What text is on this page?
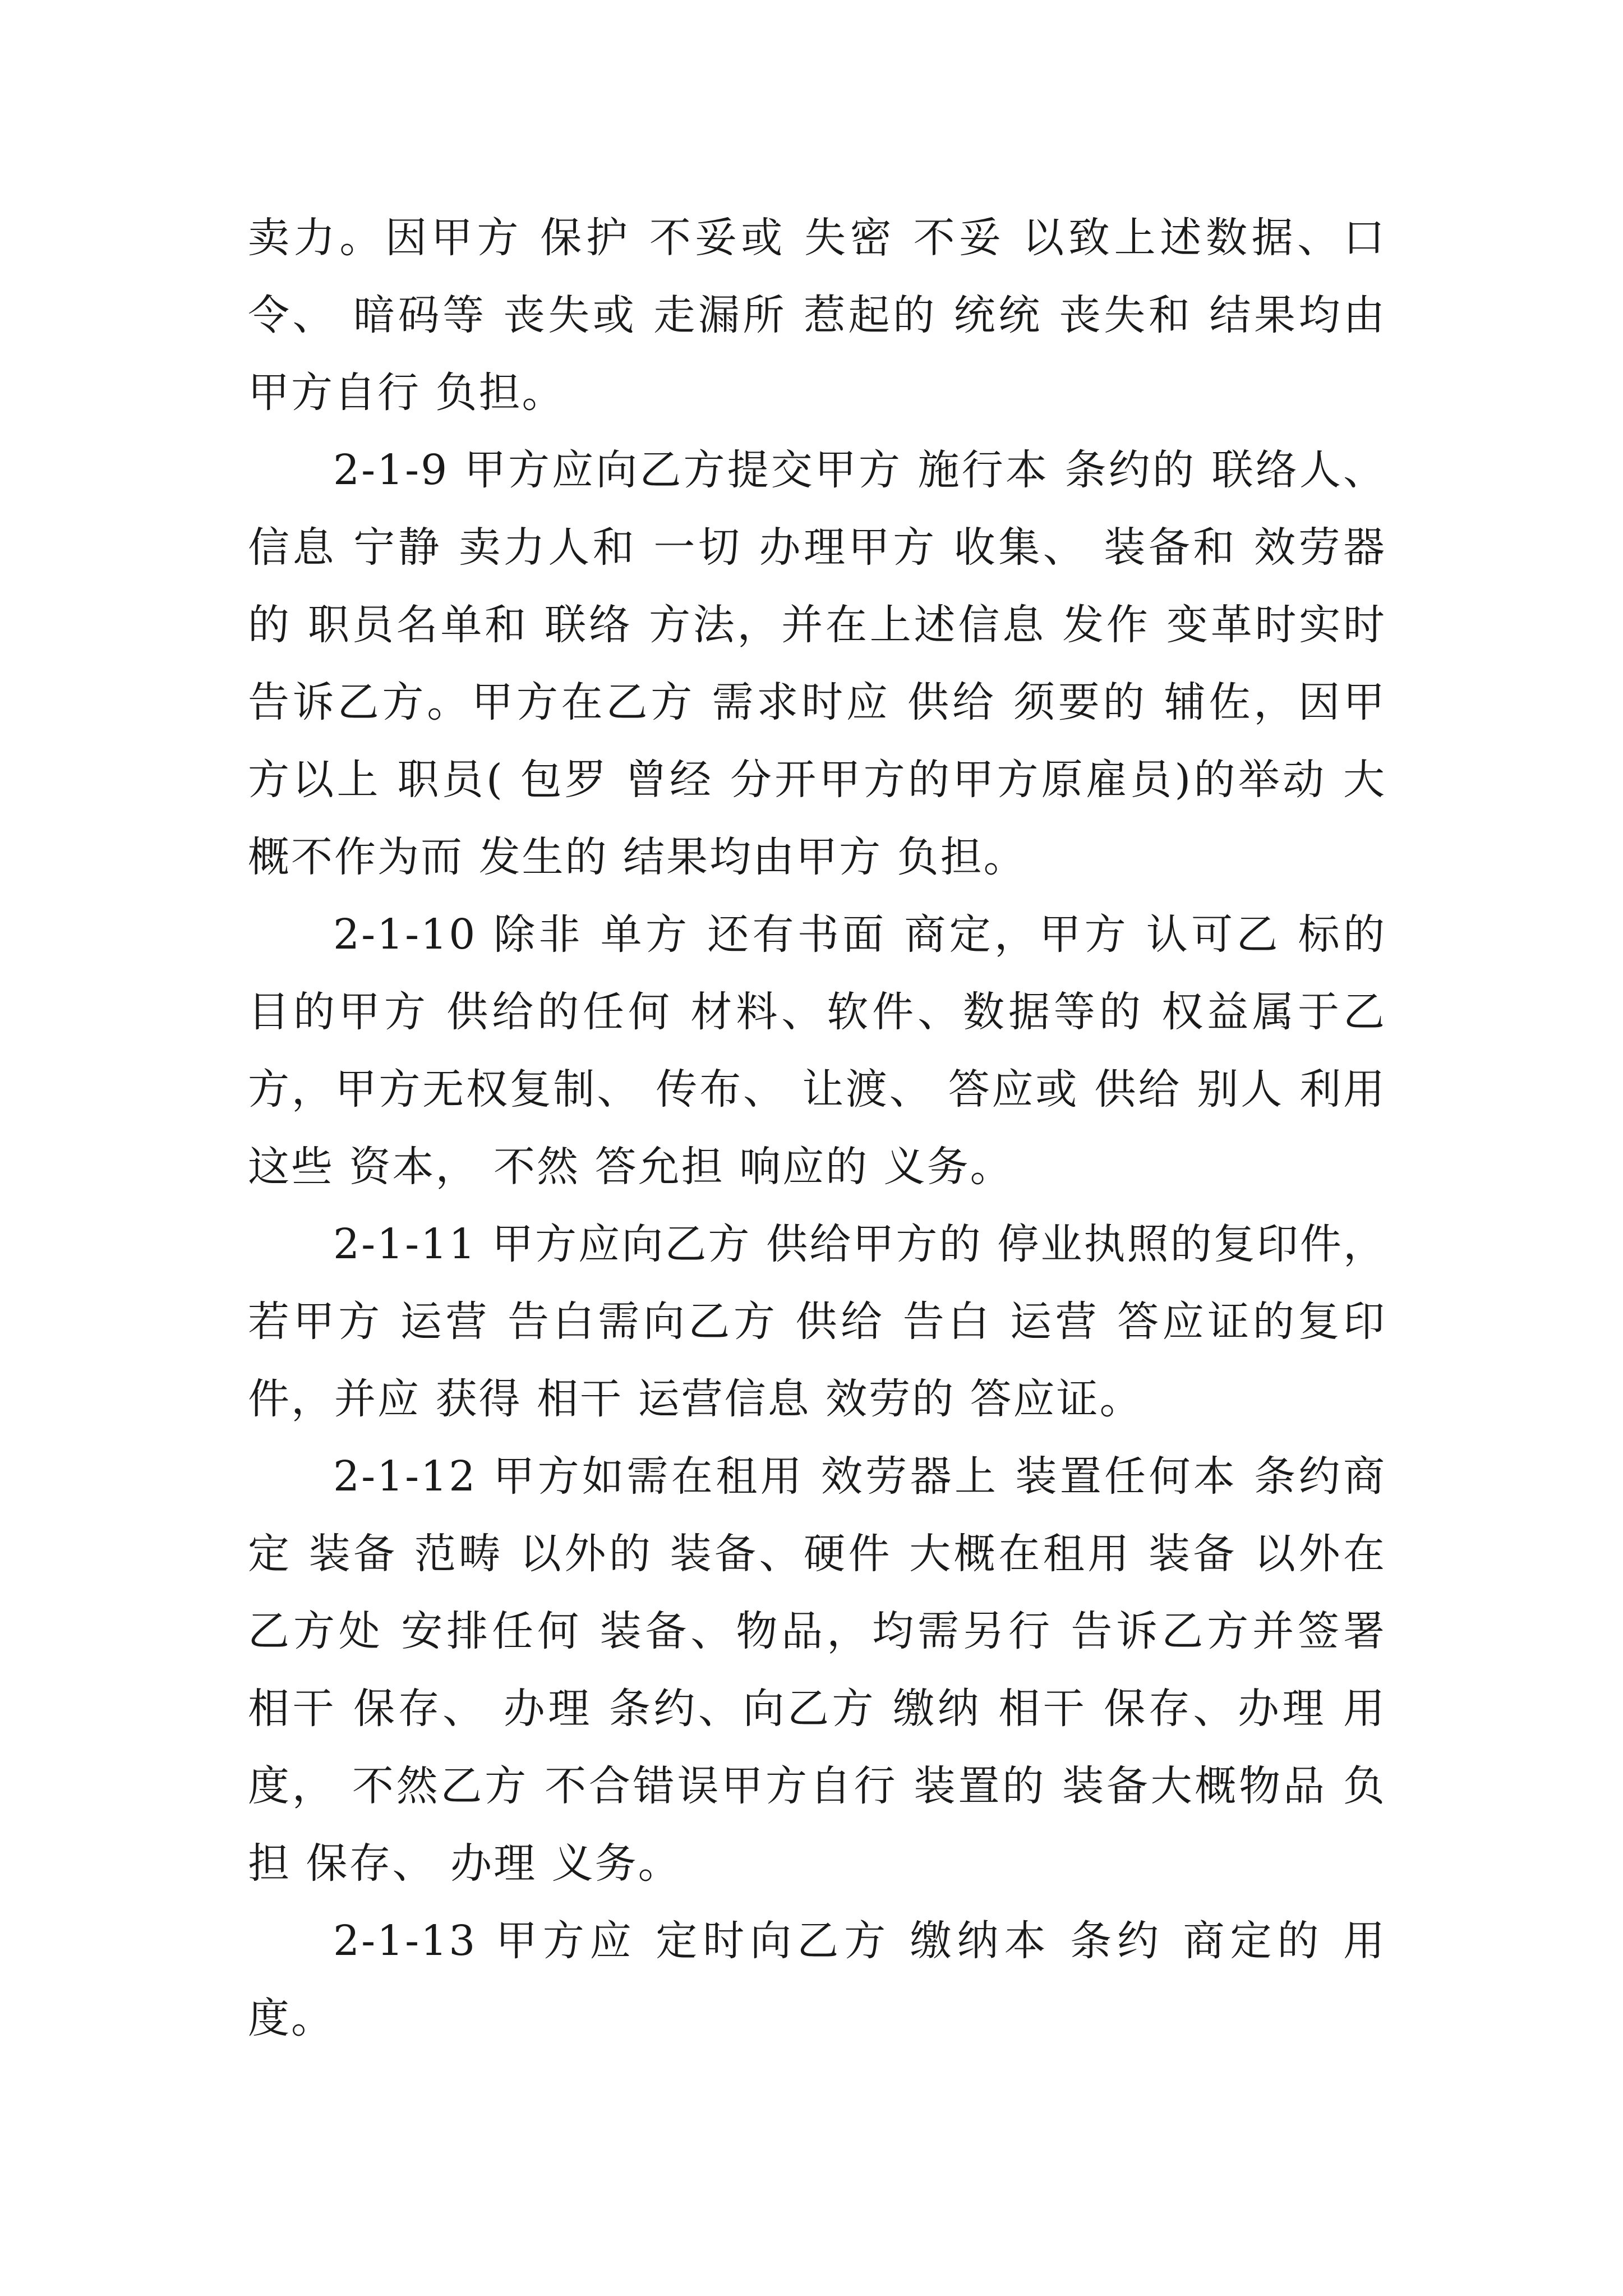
卖力。因甲方 保护 不妥或 失密 不妥 以致上述数据、口令、 暗码等 丧失或 走漏所 惹起的 统统 丧失和 结果均由甲方自行 负担。

2-1-9 甲方应向乙方提交甲方 施行本 条约的 联络人、信息 宁静 卖力人和 一切 办理甲方 收集、 装备和 效劳器的 职员名单和 联络 方法，并在上述信息 发作 变革时实时 告诉乙方。甲方在乙方 需求时应 供给 须要的 辅佐，因甲方以上 职员( 包罗 曾经 分开甲方的甲方原雇员)的举动 大概不作为而 发生的 结果均由甲方 负担。

2-1-10 除非 单方 还有书面 商定，甲方 认可乙 标的目的甲方 供给的任何 材料、软件、数据等的 权益属于乙方，甲方无权复制、 传布、 让渡、 答应或 供给 别人 利用这些 资本， 不然 答允担 响应的 义务。

2-1-11 甲方应向乙方 供给甲方的 停业执照的复印件，若甲方 运营 告白需向乙方 供给 告白 运营 答应证的复印件，并应 获得 相干 运营信息 效劳的 答应证。

2-1-12 甲方如需在租用 效劳器上 装置任何本 条约商定 装备 范畴 以外的 装备、硬件 大概在租用 装备 以外在乙方处 安排任何 装备、物品，均需另行 告诉乙方并签署 相干 保存、 办理 条约、向乙方 缴纳 相干 保存、办理 用度， 不然乙方 不合错误甲方自行 装置的 装备大概物品 负担 保存、 办理 义务。

2-1-13 甲方应 定时向乙方 缴纳本 条约 商定的 用度。
